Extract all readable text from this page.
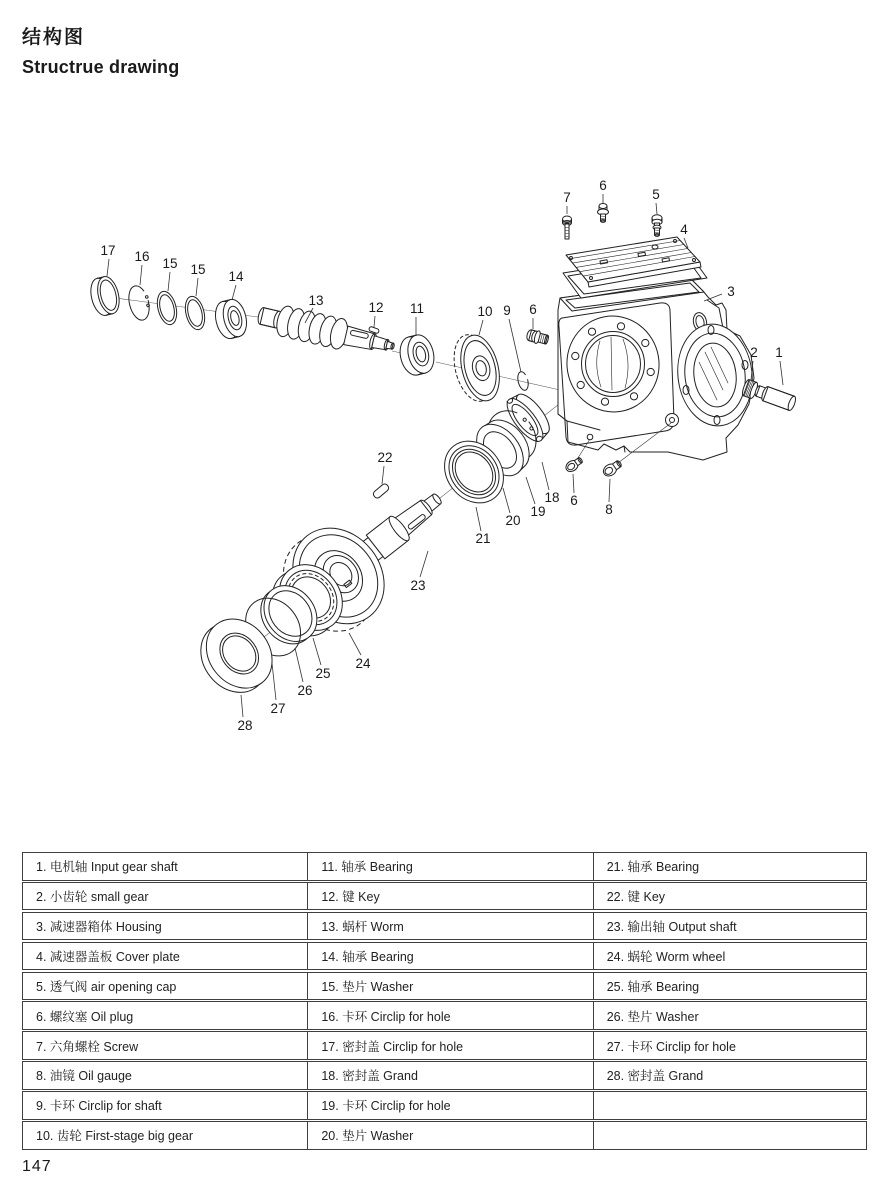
结构图
Structrue drawing
7
6
5
4
3
2 1
17 16 15 15 14
13	12 11	10 9 6
22
18
19
20
21
6
8
23
24
25
26
27
28
1. 电机轴 Input gear shaft	11. 轴承 Bearing	21. 轴承 Bearing
2. 小齿轮 small gear	12. 键 Key	22. 键 Key
3. 减速器箱体 Housing	13. 蜗杆 Worm	23. 输出轴 Output shaft
4. 减速器盖板 Cover plate	14. 轴承 Bearing	24. 蜗轮 Worm wheel
5. 透气阀 air opening cap	15. 垫片 Washer	25. 轴承 Bearing
6. 螺纹塞 Oil plug	16. 卡环 Circlip for hole	26. 垫片 Washer
7. 六角螺栓 Screw	17. 密封盖 Circlip for hole	27. 卡环 Circlip for hole
8. 油镜 Oil gauge	18. 密封盖 Grand	28. 密封盖 Grand
9. 卡环 Circlip for shaft	19. 卡环 Circlip for hole
10. 齿轮 First-stage big gear	20. 垫片 Washer
147
